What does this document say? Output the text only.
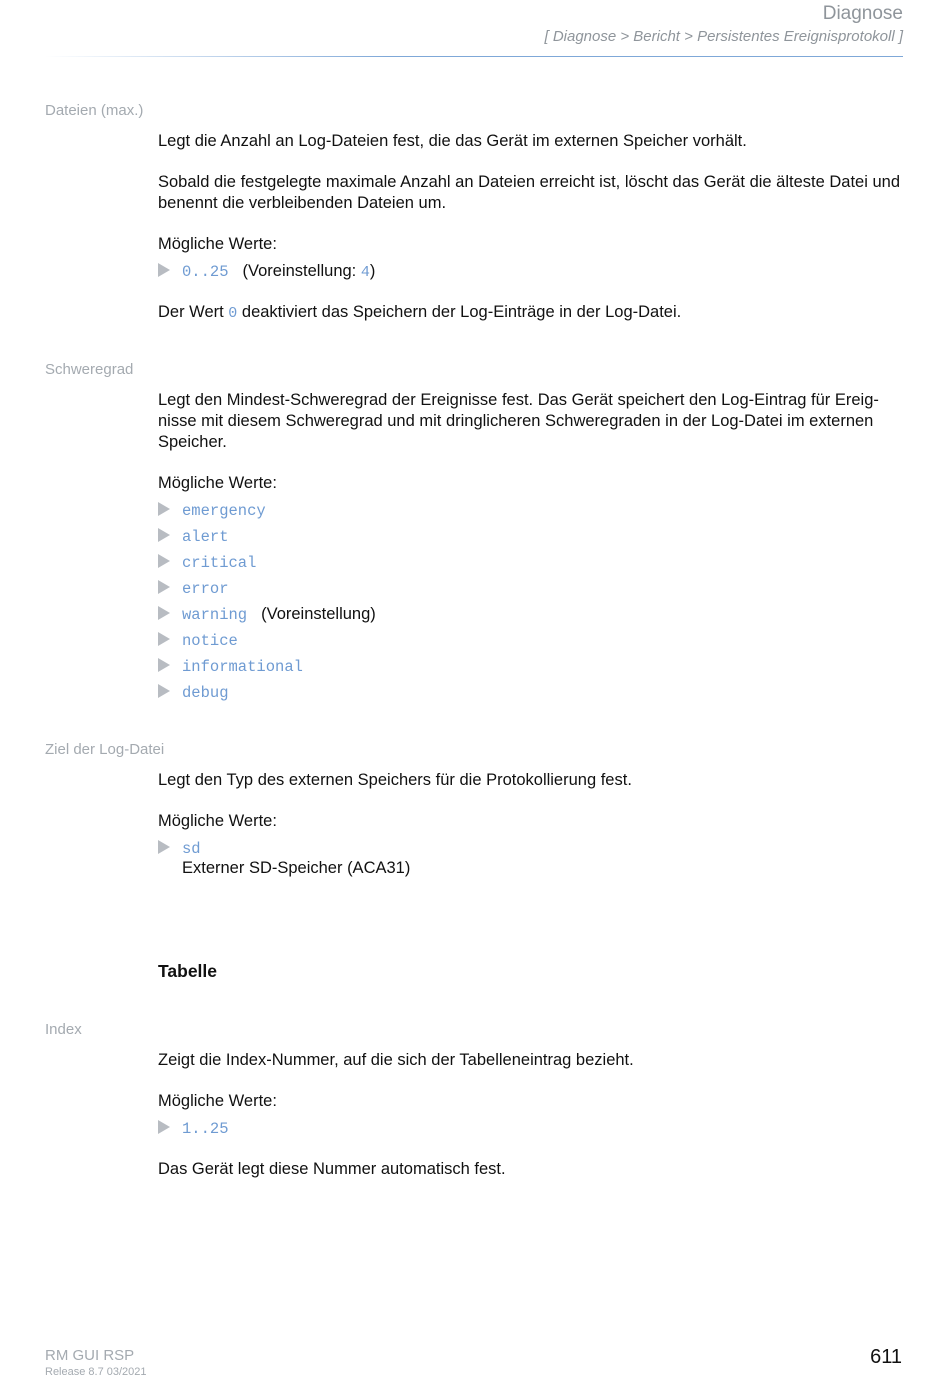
Diagnose
[ Diagnose > Bericht > Persistentes Ereignisprotokoll ]
Dateien (max.)
Legt die Anzahl an Log-Dateien fest, die das Gerät im externen Speicher vorhält.
Sobald die festgelegte maximale Anzahl an Dateien erreicht ist, löscht das Gerät die älteste Datei und benennt die verbleibenden Dateien um.
Mögliche Werte:
0..25 (Voreinstellung: 4)
Der Wert 0 deaktiviert das Speichern der Log-Einträge in der Log-Datei.
Schweregrad
Legt den Mindest-Schweregrad der Ereignisse fest. Das Gerät speichert den Log-Eintrag für Ereig-nisse mit diesem Schweregrad und mit dringlicheren Schweregraden in der Log-Datei im externen Speicher.
Mögliche Werte:
emergency
alert
critical
error
warning (Voreinstellung)
notice
informational
debug
Ziel der Log-Datei
Legt den Typ des externen Speichers für die Protokollierung fest.
Mögliche Werte:
sd
Externer SD-Speicher (ACA31)
Tabelle
Index
Zeigt die Index-Nummer, auf die sich der Tabelleneintrag bezieht.
Mögliche Werte:
1..25
Das Gerät legt diese Nummer automatisch fest.
RM GUI RSP
Release 8.7 03/2021
611
